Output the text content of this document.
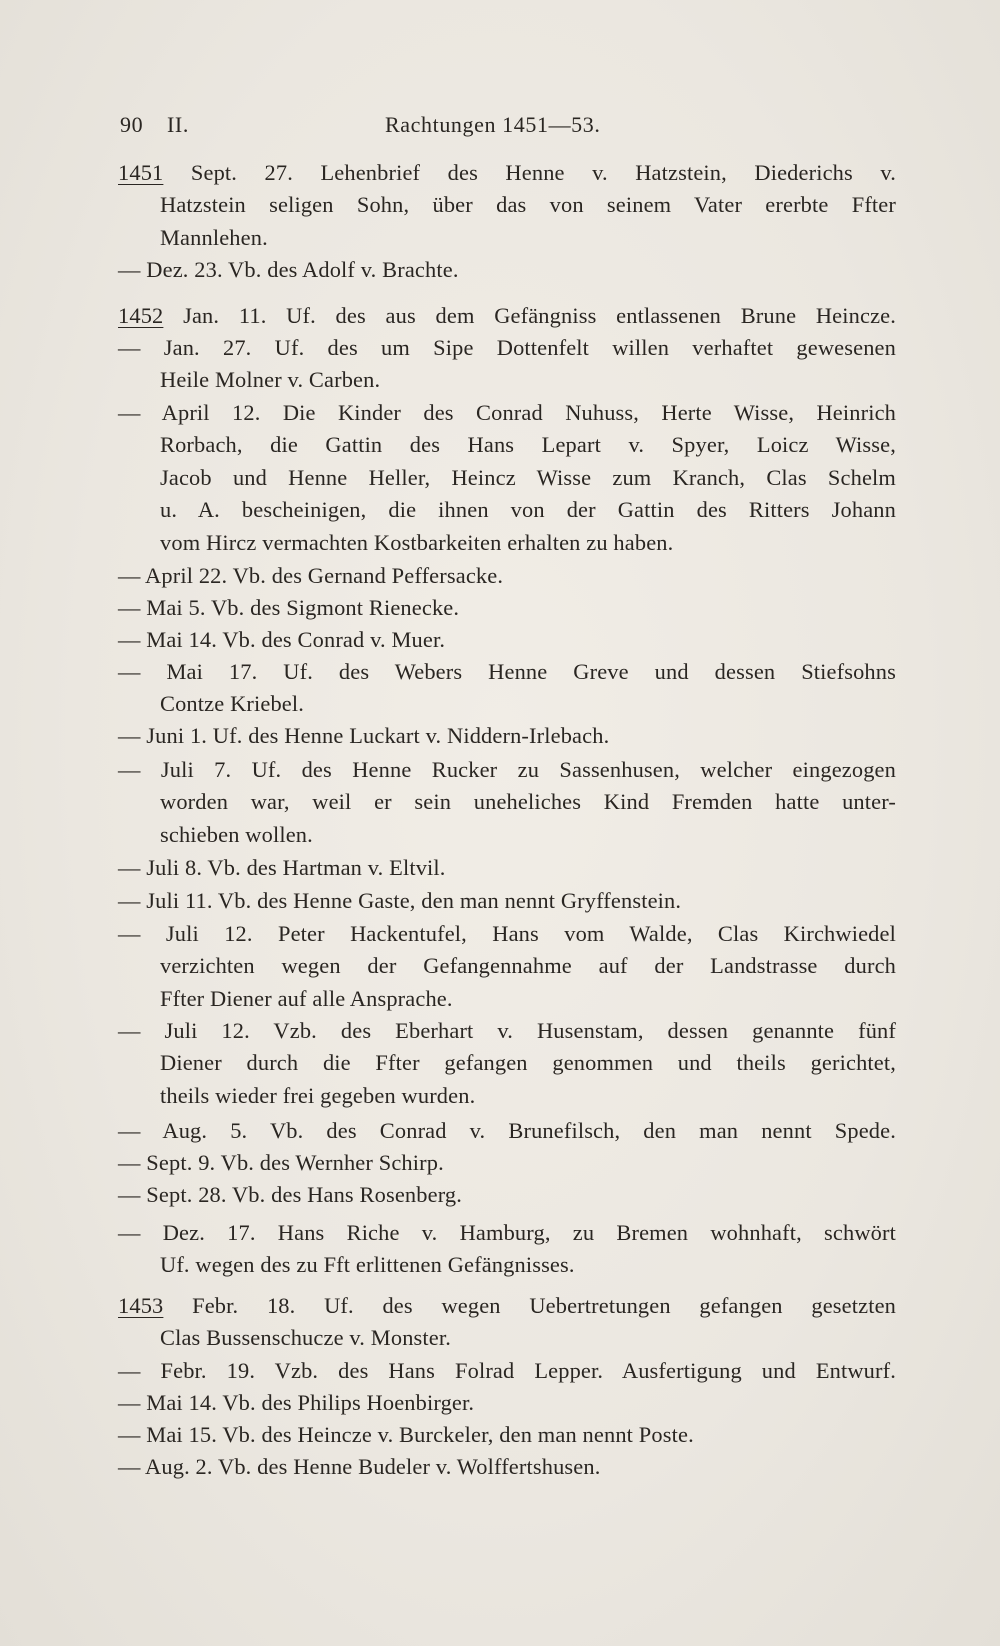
90 II.	Rachtungen 1451—53.
1451 Sept. 27. Lehenbrief des Henne v. Hatzstein, Diederichs v.
Hatzstein seligen Sohn, über das von seinem Vater ererbte Ffter
Mannlehen.
— Dez. 23. Vb. des Adolf v. Brachte.
1452 Jan. 11. Uf. des aus dem Gefängniss entlassenen Brune Heincze.
— Jan. 27. Uf. des um Sipe Dottenfelt willen verhaftet gewesenen
Heile Molner v. Carben.
— April 12. Die Kinder des Conrad Nuhuss, Herte Wisse, Heinrich
Rorbach, die Gattin des Hans Lepart v. Spyer, Loicz Wisse,
Jacob und Henne Heller, Heincz Wisse zum Kranch, Clas Schelm
u. A. bescheinigen, die ihnen von der Gattin des Ritters Johann
vom Hircz vermachten Kostbarkeiten erhalten zu haben.
— April 22. Vb. des Gernand Peffersacke.
— Mai 5. Vb. des Sigmont Rienecke.
— Mai 14. Vb. des Conrad v. Muer.
— Mai 17. Uf. des Webers Henne Greve und dessen Stiefsohns
Contze Kriebel.
— Juni 1. Uf. des Henne Luckart v. Niddern-Irlebach.
— Juli 7. Uf. des Henne Rucker zu Sassenhusen, welcher eingezogen
worden war, weil er sein uneheliches Kind Fremden hatte unter-
schieben wollen.
— Juli 8. Vb. des Hartman v. Eltvil.
— Juli 11. Vb. des Henne Gaste, den man nennt Gryffenstein.
— Juli 12. Peter Hackentufel, Hans vom Walde, Clas Kirchwiedel
verzichten wegen der Gefangennahme auf der Landstrasse durch
Ffter Diener auf alle Ansprache.
— Juli 12. Vzb. des Eberhart v. Husenstam, dessen genannte fünf
Diener durch die Ffter gefangen genommen und theils gerichtet,
theils wieder frei gegeben wurden.
— Aug. 5. Vb. des Conrad v. Brunefilsch, den man nennt Spede.
— Sept. 9. Vb. des Wernher Schirp.
— Sept. 28. Vb. des Hans Rosenberg.
— Dez. 17. Hans Riche v. Hamburg, zu Bremen wohnhaft, schwört
Uf. wegen des zu Fft erlittenen Gefängnisses.
1453 Febr. 18. Uf. des wegen Uebertretungen gefangen gesetzten
Clas Bussenschucze v. Monster.
— Febr. 19. Vzb. des Hans Folrad Lepper. Ausfertigung und Entwurf.
— Mai 14. Vb. des Philips Hoenbirger.
— Mai 15. Vb. des Heincze v. Burckeler, den man nennt Poste.
— Aug. 2. Vb. des Henne Budeler v. Wolffertshusen.
